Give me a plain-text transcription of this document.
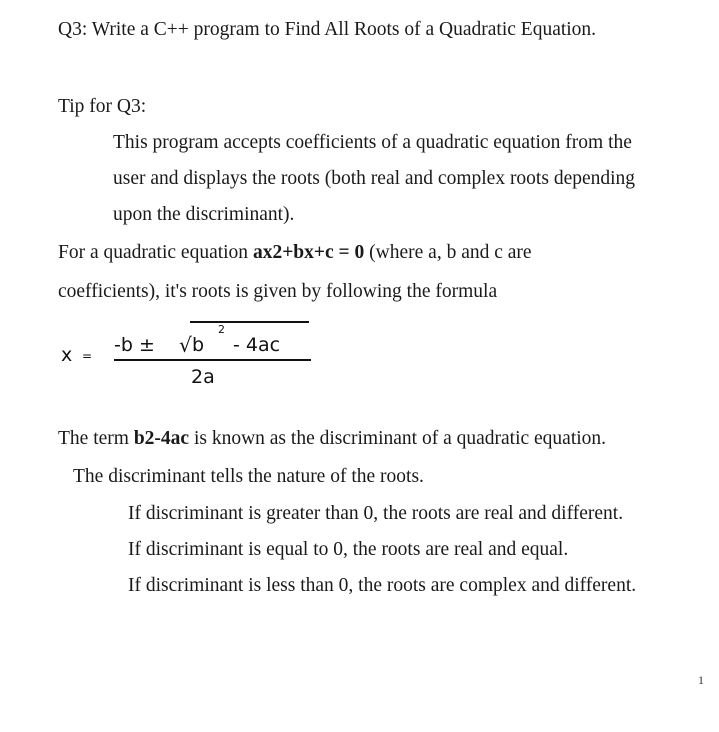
Q3: Write a C++ program to Find All Roots of a Quadratic Equation.
Tip for Q3:
This program accepts coefficients of a quadratic equation from the
user and displays the roots (both real and complex roots depending
upon the discriminant).
For a quadratic equation ax2+bx+c = 0 (where a, b and c are
coefficients), it's roots is given by following the formula
x = -b ± √ b
2
- 4ac
2a
The term b2-4ac is known as the discriminant of a quadratic equation.
The discriminant tells the nature of the roots.
If discriminant is greater than 0, the roots are real and different.
If discriminant is equal to 0, the roots are real and equal.
If discriminant is less than 0, the roots are complex and different.
1
